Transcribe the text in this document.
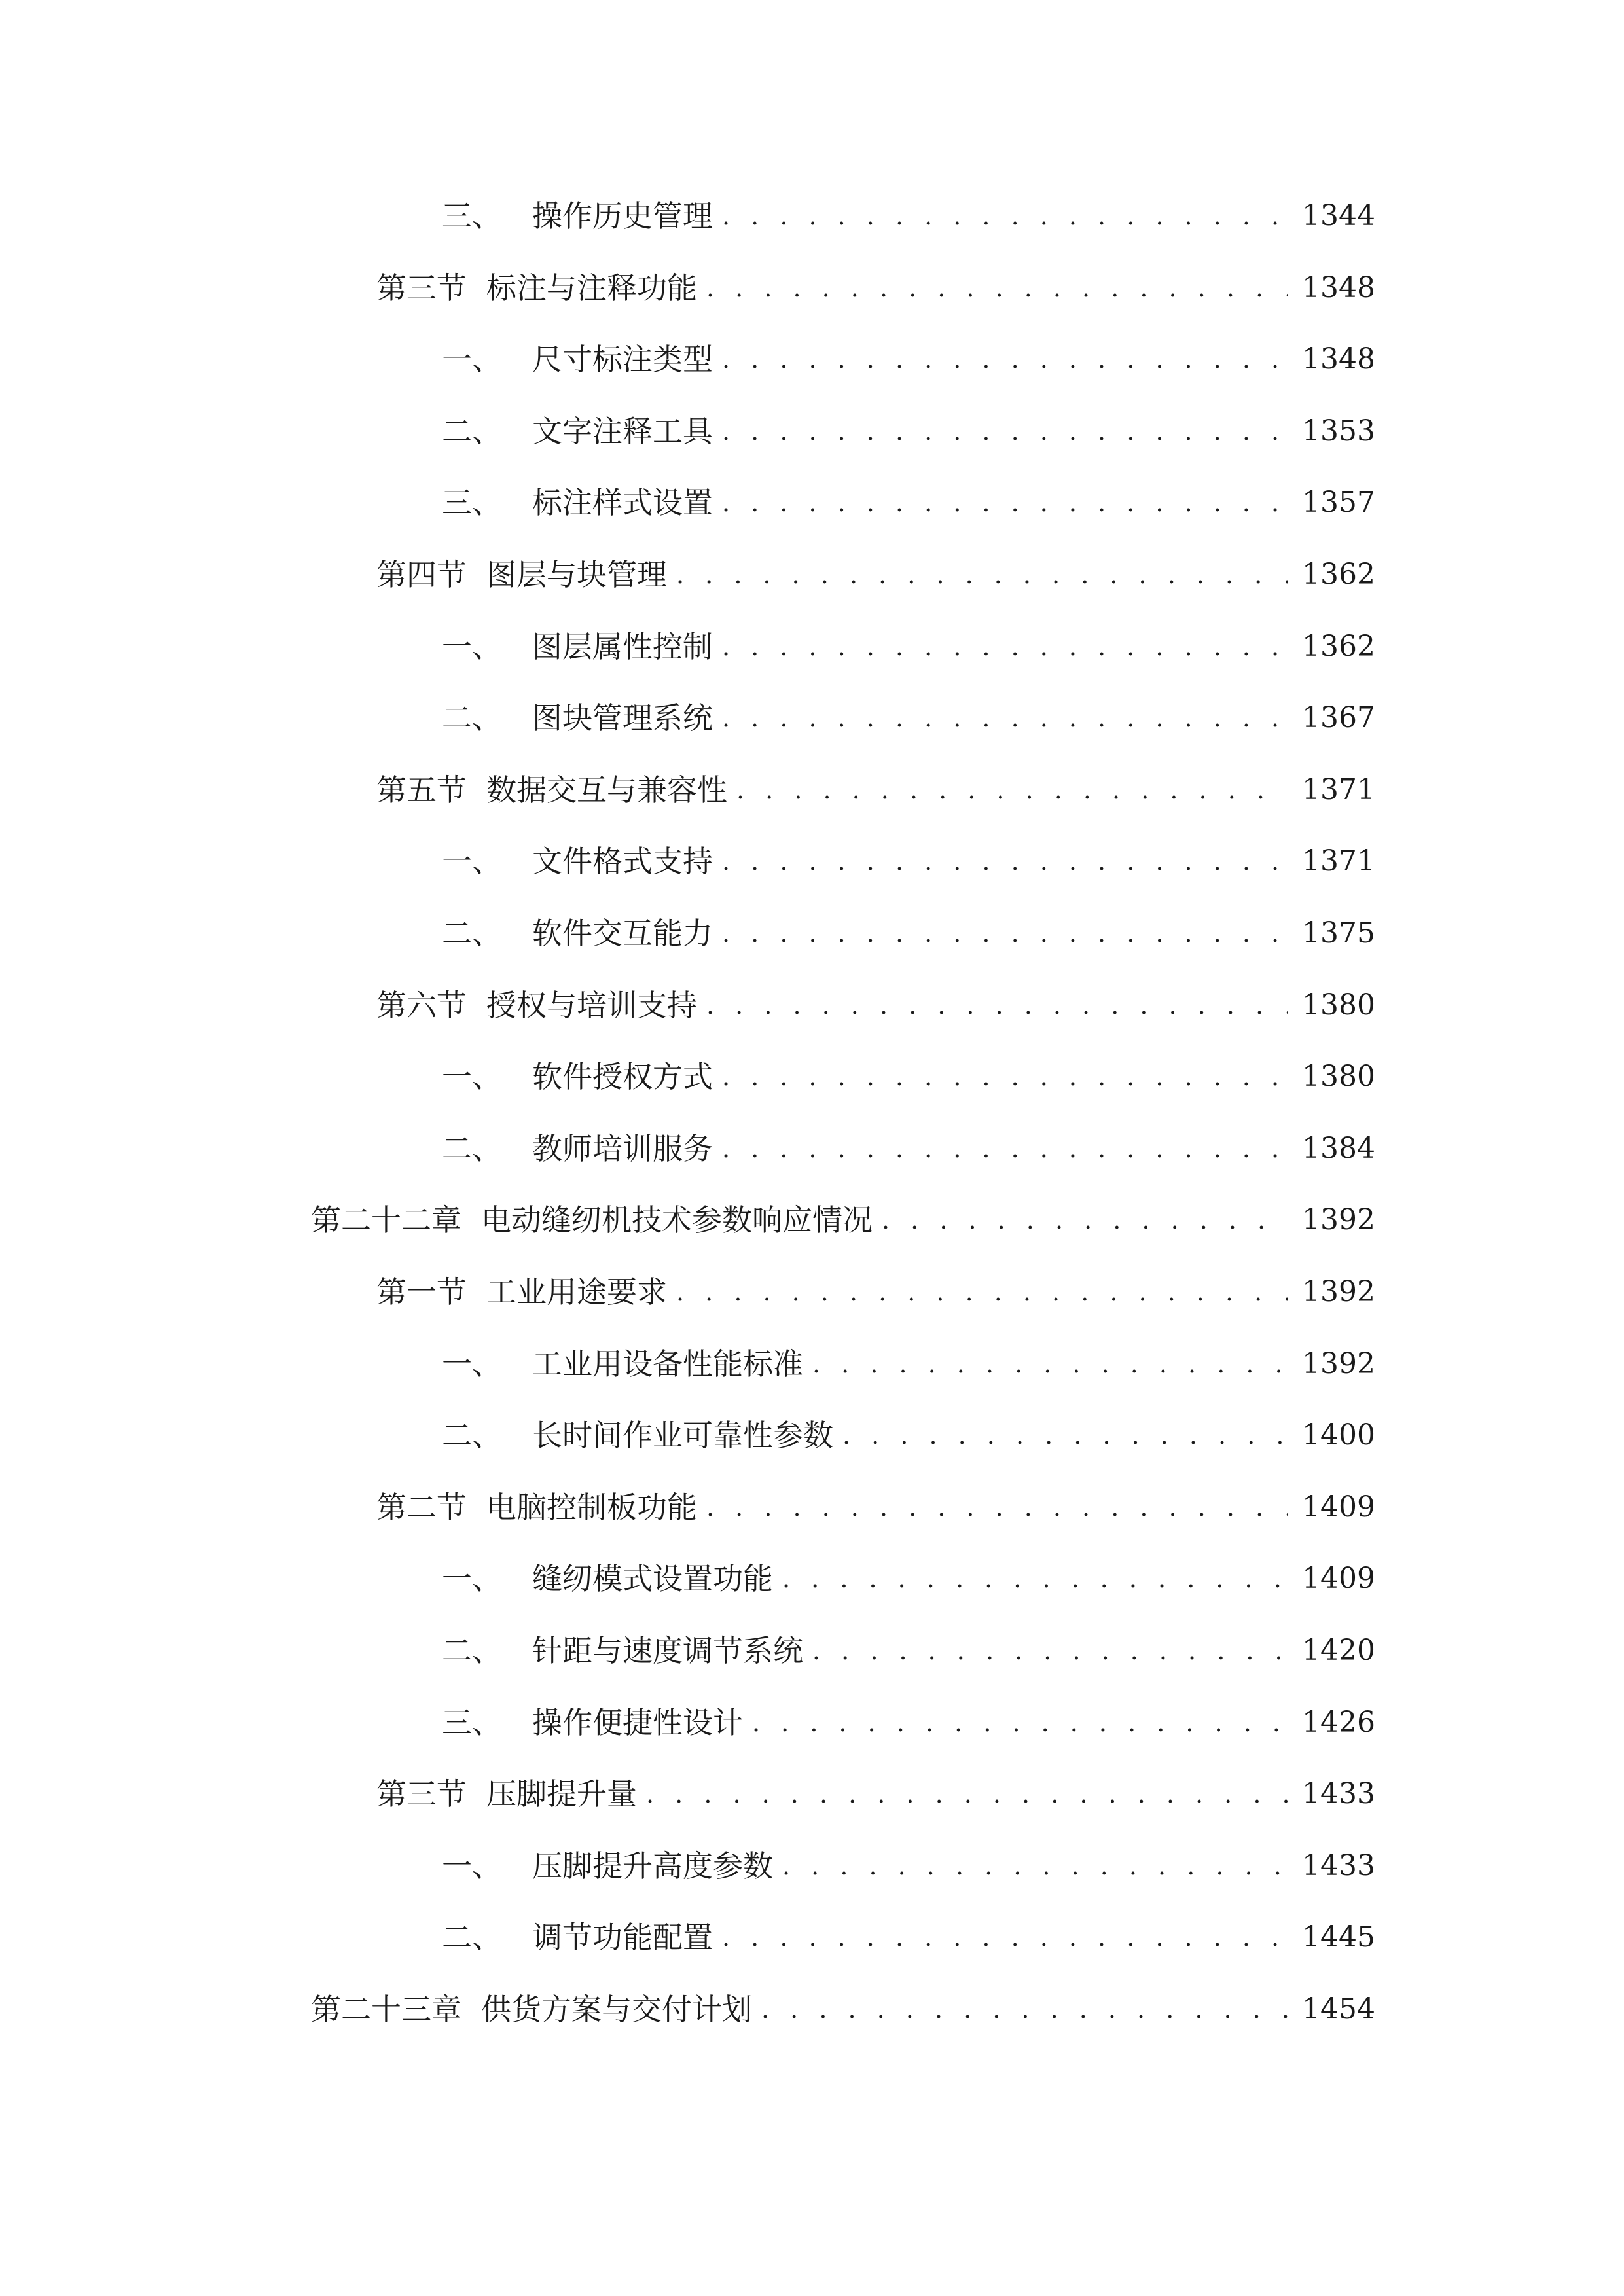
三、 操作历史管理 . . .	1344
第三节 标注与注释功能 . . .	1348
一、 尺寸标注类型 . . .	1348
二、 文字注释工具 . . .	1353
三、 标注样式设置 . . .	1357
第四节 图层与块管理 . . .	1362
一、 图层属性控制 . . .	1362
二、 图块管理系统 . . .	1367
第五节 数据交互与兼容性 . . .	1371
一、 文件格式支持 . . .	1371
二、 软件交互能力 . . .	1375
第六节 授权与培训支持 . . .	1380
一、 软件授权方式 . . .	1380
二、 教师培训服务 . . .	1384
第二十二章 电动缝纫机技术参数响应情况 . . .	1392
第一节 工业用途要求 . . .	1392
一、 工业用设备性能标准 . . .	1392
二、 长时间作业可靠性参数 . . .	1400
第二节 电脑控制板功能 . . .	1409
一、 缝纫模式设置功能 . . .	1409
二、 针距与速度调节系统 . . .	1420
三、 操作便捷性设计 . . .	1426
第三节 压脚提升量 . . .	1433
一、 压脚提升高度参数 . . .	1433
二、 调节功能配置 . . .	1445
第二十三章 供货方案与交付计划 . . .	1454
